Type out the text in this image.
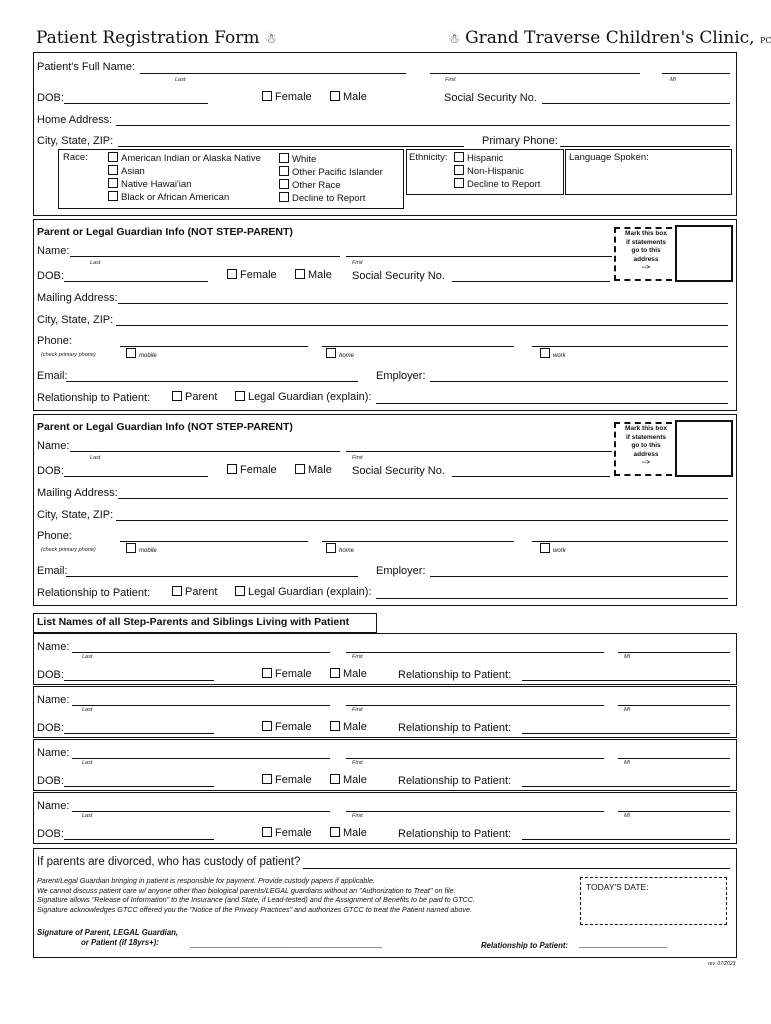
Patient Registration Form ☃	☃ Grand Traverse Children's Clinic, PC
Patient's Full Name:
Last	First	MI
DOB:	Female	Male	Social Security No.
Home Address:
City, State, ZIP:	Primary Phone:
Race:	American Indian or Alaska Native
Asian
Native Hawai'ian
Black or African American
White
Other Pacific Islander
Other Race
Decline to Report
Ethnicity:	Hispanic
Non-Hispanic
Decline to Report
Language Spoken:
Parent or Legal Guardian Info (NOT STEP-PARENT)
Name:
Last	First
DOB:	Female	Male Social Security No.
Mark this box
if statements
go to this
address
-->
Mailing Address:
City, State, ZIP:
Phone:
(check primary phone)	mobile	home	work
Email:	Employer:
Relationship to Patient:	Parent	Legal Guardian (explain):
Parent or Legal Guardian Info (NOT STEP-PARENT)
Name:
Last	First
DOB:	Female	Male Social Security No.
Mark this box
if statements
go to this
address
-->
Mailing Address:
City, State, ZIP:
Phone:
(check primary phone)	mobile	home	work
Email:	Employer:
Relationship to Patient:	Parent	Legal Guardian (explain):
List Names of all Step-Parents and Siblings Living with Patient
Name:
Last	First	MI
DOB:	Female	Male	Relationship to Patient:
Name:
Last	First	MI
DOB:	Female	Male	Relationship to Patient:
Name:
Last	First	MI
DOB:	Female	Male	Relationship to Patient:
Name:
Last	First	MI
DOB:	Female	Male	Relationship to Patient:
If parents are divorced, who has custody of patient?
Parent/Legal Guardian bringing in patient is responsible for payment. Provide custody papers if applicable.
We cannot discuss patient care w/ anyone other than biological parents/LEGAL guardians without an "Authorization to Treat" on file.
Signature allows "Release of Information" to the Insurance (and State, if Lead-tested) and the Assignment of Benefits to be paid to GTCC.
Signature acknowledges GTCC offered you the "Notice of the Privacy Practices" and authorizes GTCC to treat the Patient named above.
TODAY'S DATE:
Signature of Parent, LEGAL Guardian,
or Patient (if 18yrs+):	________________________________________________	Relationship to Patient: ______________________
rev. 07/2023
